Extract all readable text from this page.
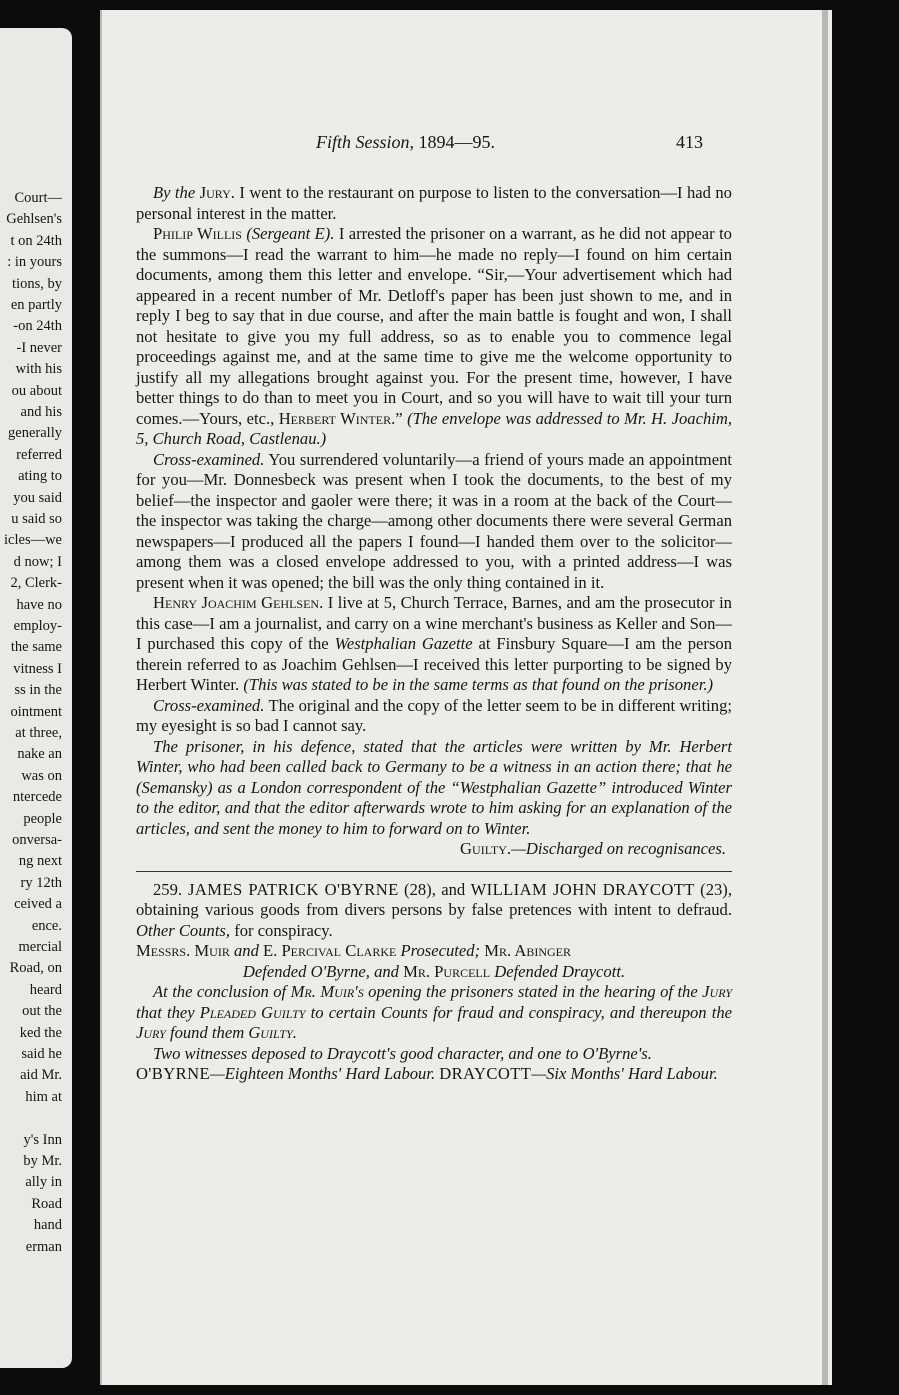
Court—
Gehlsen's
t on 24th
: in yours
tions, by
en partly
-on 24th
-I never
with his
ou about
and his
generally
referred
ating to
you said
u said so
icles—we
d now; I
2, Clerk-
have no
employ-
the same
vitness I
ss in the
ointment
at three,
nake an
was on
ntercede
people
onversa-
ng next
ry 12th
ceived a
ence.
mercial
Road, on
heard
out the
ked the
said he
aid Mr.
him at
y's Inn
by Mr.
ally in
Road
hand
erman
Fifth Session, 1894—95.	413

By the Jury. I went to the restaurant on purpose to listen to the conversation—I had no personal interest in the matter.

Philip Willis (Sergeant E). I arrested the prisoner on a warrant, as he did not appear to the summons—I read the warrant to him—he made no reply—I found on him certain documents, among them this letter and envelope. “Sir,—Your advertisement which had appeared in a recent number of Mr. Detloff's paper has been just shown to me, and in reply I beg to say that in due course, and after the main battle is fought and won, I shall not hesitate to give you my full address, so as to enable you to commence legal proceedings against me, and at the same time to give me the welcome opportunity to justify all my allegations brought against you. For the present time, however, I have better things to do than to meet you in Court, and so you will have to wait till your turn comes.—Yours, etc., Herbert Winter.” (The envelope was addressed to Mr. H. Joachim, 5, Church Road, Castlenau.)

Cross-examined. You surrendered voluntarily—a friend of yours made an appointment for you—Mr. Donnesbeck was present when I took the documents, to the best of my belief—the inspector and gaoler were there; it was in a room at the back of the Court—the inspector was taking the charge—among other documents there were several German newspapers—I produced all the papers I found—I handed them over to the solicitor—among them was a closed envelope addressed to you, with a printed address—I was present when it was opened; the bill was the only thing contained in it.

Henry Joachim Gehlsen. I live at 5, Church Terrace, Barnes, and am the prosecutor in this case—I am a journalist, and carry on a wine merchant's business as Keller and Son—I purchased this copy of the Westphalian Gazette at Finsbury Square—I am the person therein referred to as Joachim Gehlsen—I received this letter purporting to be signed by Herbert Winter. (This was stated to be in the same terms as that found on the prisoner.)

Cross-examined. The original and the copy of the letter seem to be in different writing; my eyesight is so bad I cannot say.

The prisoner, in his defence, stated that the articles were written by Mr. Herbert Winter, who had been called back to Germany to be a witness in an action there; that he (Semansky) as a London correspondent of the “Westphalian Gazette” introduced Winter to the editor, and that the editor afterwards wrote to him asking for an explanation of the articles, and sent the money to him to forward on to Winter.

Guilty.—Discharged on recognisances.

259. JAMES PATRICK O'BYRNE (28), and WILLIAM JOHN DRAYCOTT (23), obtaining various goods from divers persons by false pretences with intent to defraud. Other Counts, for conspiracy.

Messrs. Muir and E. Percival Clarke Prosecuted; Mr. Abinger

Defended O'Byrne, and Mr. Purcell Defended Draycott.

At the conclusion of Mr. Muir's opening the prisoners stated in the hearing of the Jury that they Pleaded Guilty to certain Counts for fraud and conspiracy, and thereupon the Jury found them Guilty.

Two witnesses deposed to Draycott's good character, and one to O'Byrne's.

O'BYRNE—Eighteen Months' Hard Labour. DRAYCOTT—Six Months' Hard Labour.
